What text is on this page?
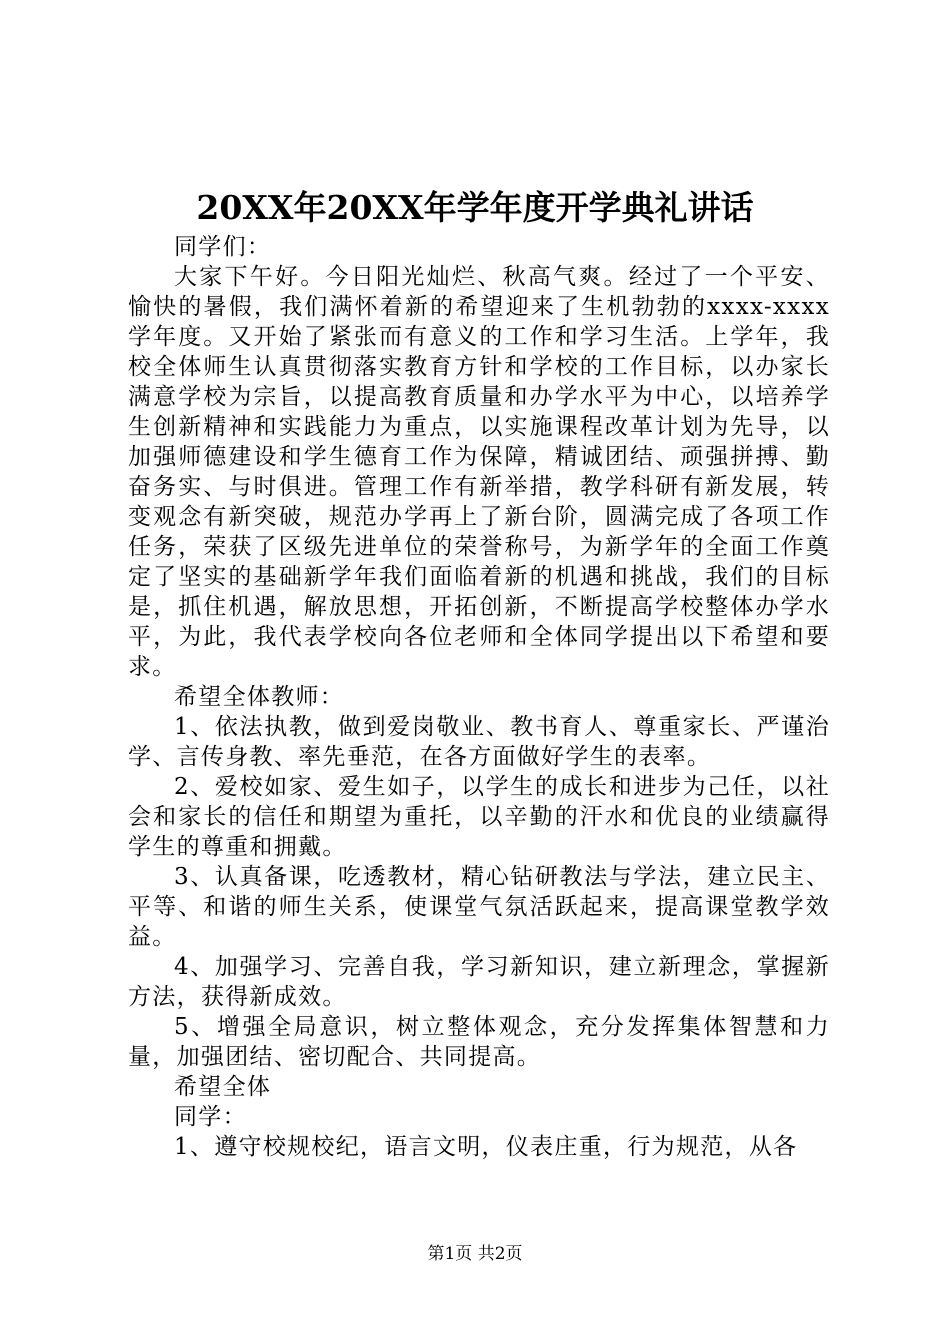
20XX年20XX年学年度开学典礼讲话

同学们：

大家下午好。今日阳光灿烂、秋高气爽。经过了一个平安、愉快的暑假，我们满怀着新的希望迎来了生机勃勃的xxxx-xxxx学年度。又开始了紧张而有意义的工作和学习生活。上学年，我校全体师生认真贯彻落实教育方针和学校的工作目标，以办家长满意学校为宗旨，以提高教育质量和办学水平为中心，以培养学生创新精神和实践能力为重点，以实施课程改革计划为先导，以加强师德建设和学生德育工作为保障，精诚团结、顽强拼搏、勤奋务实、与时俱进。管理工作有新举措，教学科研有新发展，转变观念有新突破，规范办学再上了新台阶，圆满完成了各项工作任务，荣获了区级先进单位的荣誉称号，为新学年的全面工作奠定了坚实的基础新学年我们面临着新的机遇和挑战，我们的目标是，抓住机遇，解放思想，开拓创新，不断提高学校整体办学水平，为此，我代表学校向各位老师和全体同学提出以下希望和要求。

希望全体教师：

1、依法执教，做到爱岗敬业、教书育人、尊重家长、严谨治学、言传身教、率先垂范，在各方面做好学生的表率。

2、爱校如家、爱生如子，以学生的成长和进步为己任，以社会和家长的信任和期望为重托，以辛勤的汗水和优良的业绩赢得学生的尊重和拥戴。

3、认真备课，吃透教材，精心钻研教法与学法，建立民主、平等、和谐的师生关系，使课堂气氛活跃起来，提高课堂教学效益。

4、加强学习、完善自我，学习新知识，建立新理念，掌握新方法，获得新成效。

5、增强全局意识，树立整体观念，充分发挥集体智慧和力量，加强团结、密切配合、共同提高。

希望全体

同学：

1、遵守校规校纪，语言文明，仪表庄重，行为规范，从各

第1页 共2页
